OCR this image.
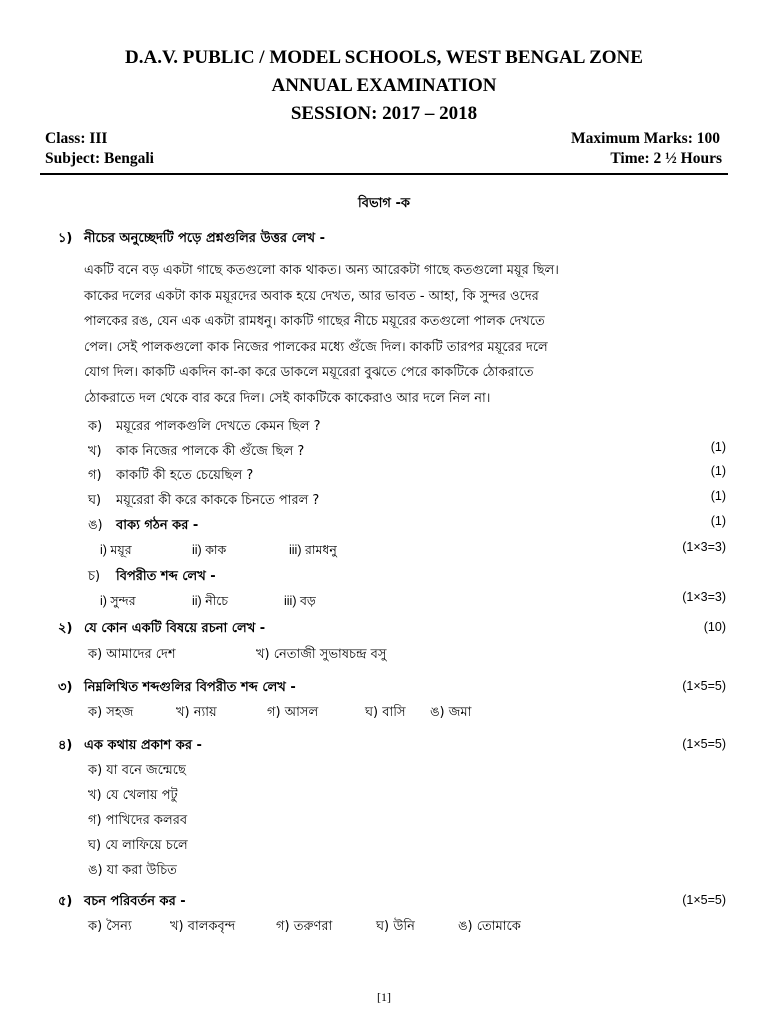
D.A.V. PUBLIC / MODEL SCHOOLS, WEST BENGAL ZONE
ANNUAL EXAMINATION
SESSION: 2017 – 2018
Class: III
Subject: Bengali
Maximum Marks: 100
Time: 2 ½ Hours
বিভাগ -ক
১) নীচের অনুচ্ছেদটি পড়ে প্রশ্নগুলির উত্তর লেখ -
একটি বনে বড় একটা গাছে কতগুলো কাক থাকত। অন্য আরেকটা গাছে কতগুলো ময়ূর ছিল।
কাকের দলের একটা কাক ময়ূরদের অবাক হয়ে দেখত, আর ভাবত - আহা, কি সুন্দর ওদের
পালকের রঙ, যেন এক একটা রামধনু। কাকটি গাছের নীচে ময়ূরের কতগুলো পালক দেখতে
পেল। সেই পালকগুলো কাক নিজের পালকের মধ্যে গুঁজে দিল। কাকটি তারপর ময়ূরের দলে
যোগ দিল। কাকটি একদিন কা-কা করে ডাকলে ময়ূরেরা বুঝতে পেরে কাকটিকে ঠোকরাতে
ঠোকরাতে দল থেকে বার করে দিল। সেই কাকটিকে কাকেরাও আর দলে নিল না।
ক) ময়ূরের পালকগুলি দেখতে কেমন ছিল ?
খ) কাক নিজের পালকে কী গুঁজে ছিল ?	(1)
গ) কাকটি কী হতে চেয়েছিল ?	(1)
ঘ) ময়ূরেরা কী করে কাককে চিনতে পারল ?	(1)
ঙ) বাক্য গঠন কর -	(1)
i) ময়ূর	ii) কাক	iii) রামধনু	(1×3=3)
চ) বিপরীত শব্দ লেখ -
i) সুন্দর	ii) নীচে	iii) বড়	(1×3=3)
২) যে কোন একটি বিষয়ে রচনা লেখ -	(10)
ক) আমাদের দেশ	খ) নেতাজী সুভাষচন্দ্র বসু
৩) নিম্নলিখিত শব্দগুলির বিপরীত শব্দ লেখ -	(1×5=5)
ক) সহজ	খ) ন্যায়	গ) আসল	ঘ) বাসি ঙ) জমা
৪) এক কথায় প্রকাশ কর -	(1×5=5)
ক) যা বনে জন্মেছে
খ) যে খেলায় পটু
গ) পাখিদের কলরব
ঘ) যে লাফিয়ে চলে
ঙ) যা করা উচিত
৫) বচন পরিবর্তন কর -	(1×5=5)
ক) সৈন্য	খ) বালকবৃন্দ	গ) তরুণরা	ঘ) উনি	ঙ) তোমাকে
[1]
